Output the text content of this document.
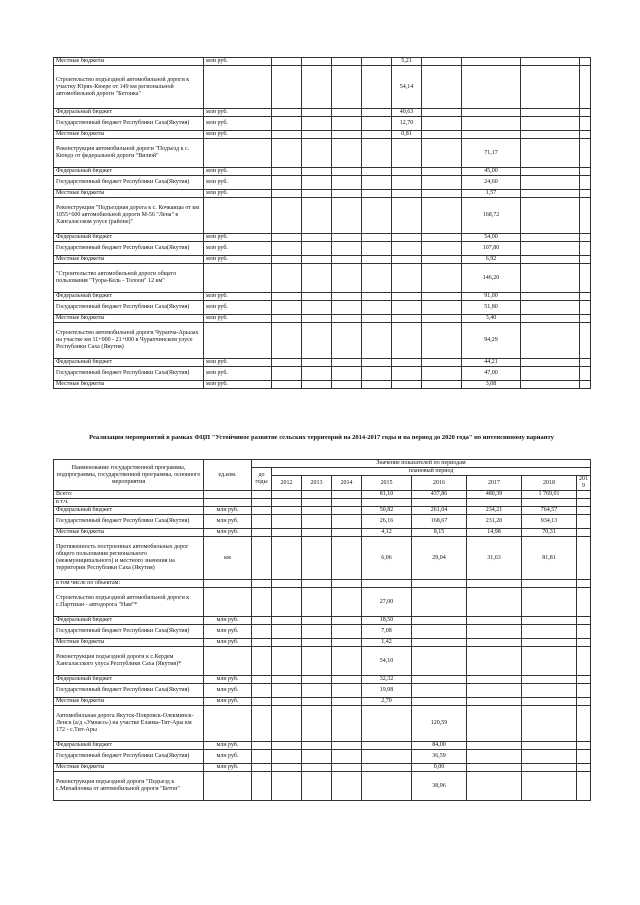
Местные бюджеты	млн руб.					5,21				
Строительство подъездной автомобильной дороги к участку Юрях-Кюере от 149 км региональной автомобильной дороги "Бетонка"						54,14				
Федеральный бюджет	млн руб.					40,63				
Государственный бюджет Республики Саха(Якутия)	млн руб.					12,70				
Местные бюджеты	млн руб.					0,81				
Реконструкция автомобильной дороги "Подъезд к с. Кюндэ от федеральной дороги "Вилюй"								71,17		
Федеральный бюджет	млн руб.							45,00		
Государственный бюджет Республики Саха(Якутия)	млн руб.							24,60		
Местные бюджеты	млн руб.							1,57		
Реконструкция "Подъездная дорога к с. Кочкаицы от км 1055+600 автомобильной дороги М-56 "Лена" в Хангаласском улусе (районе)"								168,72		
Федеральный бюджет	млн руб.							54,00		
Государственный бюджет Республики Саха(Якутия)	млн руб.							107,80		
Местные бюджеты	млн руб.							6,92		
"Строительство автомобильной дороги общего пользования "Туора-Кель - Толоон" 12 км"								146,20		
Федеральный бюджет	млн руб.							91,00		
Государственный бюджет Республики Саха(Якутия)	млн руб.							51,80		
Местные бюджеты	млн руб.							3,40		
Строительство автомобильной дороги Чурапча-Арылах на участке км 11+000 - 21+000 в Чурапчинском улусе Республики Саха (Якутия)								94,29		
Федеральный бюджет	млн руб.							44,21		
Государственный бюджет Республики Саха(Якутия)	млн руб.							47,00		
Местные бюджеты	млн руб.							3,08		
Реализация мероприятий в рамках ФЦП "Устойчивое развитие сельских территорий на 2014-2017 годы и на период до 2020 года" по интенсивному варианту
Наименование государственной программы, подпрограммы, государственной программы, основного мероприятия	ед.изм.	Значение показателей по периодам								
		до годы	плановый период							
			2012	2013	2014	2015	2016	2017	2018	2019
Всего:						81,10	437,86	480,39	1 769,01	
в т.ч.										
Федеральный бюджет	млн руб.					50,82	261,04	234,21	764,57	
Государственный бюджет Республики Саха(Якутия)	млн руб.					26,16	168,67	231,20	934,13	
Местные бюджеты	млн руб.					4,12	8,15	14,98	70,31	
Протяженность построенных автомобильных дорог общего пользования регионального (межмуниципального) и местного значения на территории Республики Саха (Якутия)	км					6,06	29,04	31,63	81,81	
в том числе по объектам:										
Строительство подъездной автомобильной дороги к с.Партизан - автодорога "Нам"*						27,00				
Федеральный бюджет	млн руб.					18,50				
Государственный бюджет Республики Саха(Якутия)	млн руб.					7,08				
Местные бюджеты	млн руб.					1,42				
Реконструкция подъездной дороги к с.Кердем Хангаласского улуса Республики Саха (Якутия)*						54,10				
Федеральный бюджет	млн руб.					32,32				
Государственный бюджет Республики Саха(Якутия)	млн руб.					19,08				
Местные бюджеты	млн руб.					2,70				
Автомобильная дорога Якутск-Покровск-Олекминск-Ленск (а/д «Умнасо») на участке Еланка-Тит-Ары км 172 - с.Тит-Ары							120,59			
Федеральный бюджет	млн руб.						84,00			
Государственный бюджет Республики Саха(Якутия)	млн руб.						36,59			
Местные бюджеты	млн руб.						0,00			
Реконструкция подъездной дороги "Подъезд к с.Михайловка от автомобильной дороги "Бетон"							38,96			
